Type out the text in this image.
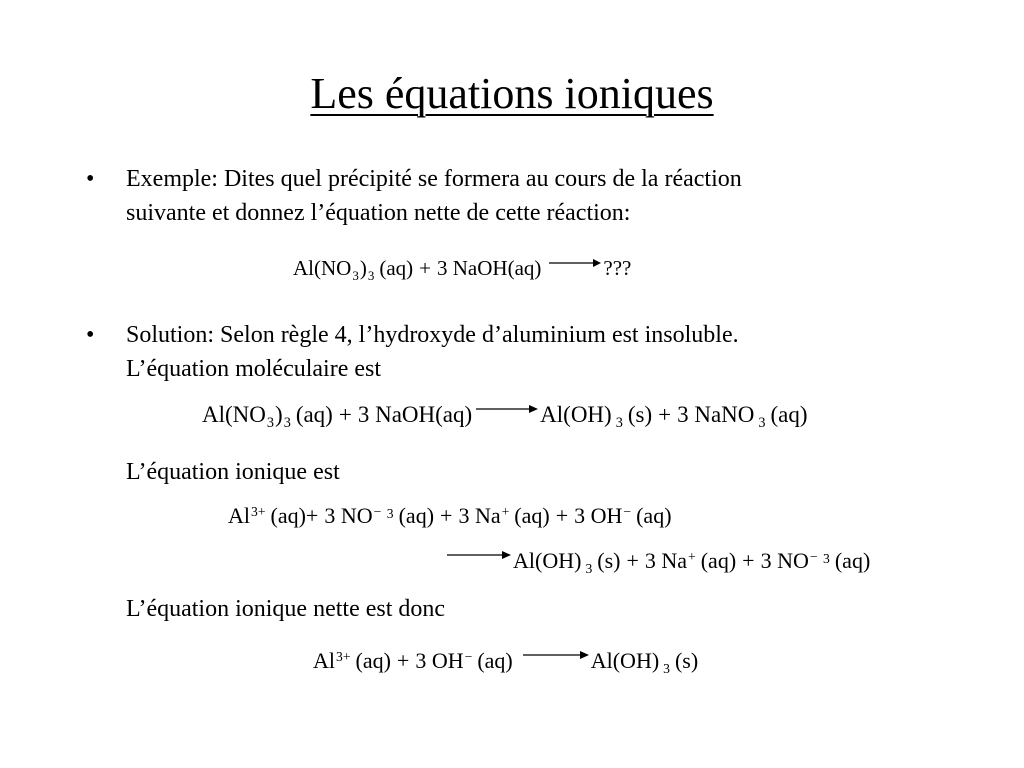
Les équations ioniques
• Exemple: Dites quel précipité se formera au cours de la réaction
suivante et donnez l’équation nette de cette réaction:
Al(NO 3 ) 3 (aq) + 3 NaOH(aq) → ???
• Solution: Selon règle 4, l’hydroxyde d’aluminium est insoluble.
L’équation moléculaire est
Al(NO 3 ) 3 (aq) + 3 NaOH(aq) → Al(OH) 3 (s) + 3 NaNO 3 (aq)
L’équation ionique est
Al 3+ (aq)+ 3 NO − 3 (aq) + 3 Na + (aq) + 3 OH − (aq)
→ Al(OH) 3 (s) + 3 Na + (aq) + 3 NO − 3 (aq)
L’équation ionique nette est donc
Al 3+ (aq) + 3 OH − (aq) → Al(OH) 3 (s)
